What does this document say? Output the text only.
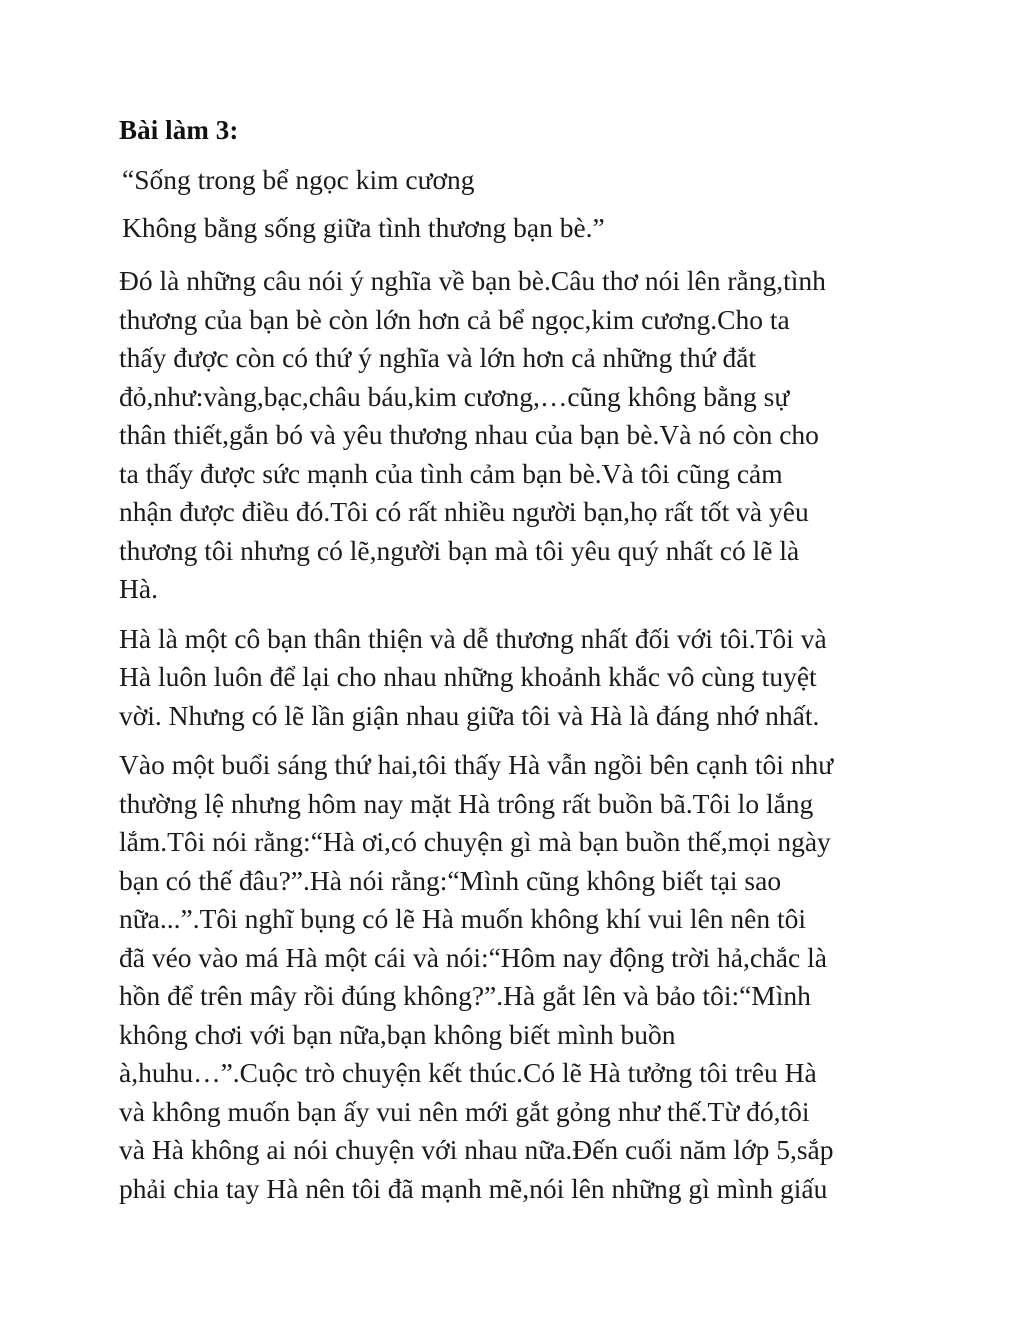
Bài làm 3:
“Sống trong bể ngọc kim cương
Không bằng sống giữa tình thương bạn bè.”
Đó là những câu nói ý nghĩa về bạn bè.Câu thơ nói lên rằng,tình
thương của bạn bè còn lớn hơn cả bể ngọc,kim cương.Cho ta
thấy được còn có thứ ý nghĩa và lớn hơn cả những thứ đắt
đỏ,như:vàng,bạc,châu báu,kim cương,…cũng không bằng sự
thân thiết,gắn bó và yêu thương nhau của bạn bè.Và nó còn cho
ta thấy được sức mạnh của tình cảm bạn bè.Và tôi cũng cảm
nhận được điều đó.Tôi có rất nhiều người bạn,họ rất tốt và yêu
thương tôi nhưng có lẽ,người bạn mà tôi yêu quý nhất có lẽ là
Hà.
Hà là một cô bạn thân thiện và dễ thương nhất đối với tôi.Tôi và
Hà luôn luôn để lại cho nhau những khoảnh khắc vô cùng tuyệt
vời. Nhưng có lẽ lần giận nhau giữa tôi và Hà là đáng nhớ nhất.
Vào một buổi sáng thứ hai,tôi thấy Hà vẫn ngồi bên cạnh tôi như
thường lệ nhưng hôm nay mặt Hà trông rất buồn bã.Tôi lo lắng
lắm.Tôi nói rằng:“Hà ơi,có chuyện gì mà bạn buồn thế,mọi ngày
bạn có thế đâu?”.Hà nói rằng:“Mình cũng không biết tại sao
nữa...”.Tôi nghĩ bụng có lẽ Hà muốn không khí vui lên nên tôi
đã véo vào má Hà một cái và nói:“Hôm nay động trời hả,chắc là
hồn để trên mây rồi đúng không?”.Hà gắt lên và bảo tôi:“Mình
không chơi với bạn nữa,bạn không biết mình buồn
à,huhu…”.Cuộc trò chuyện kết thúc.Có lẽ Hà tưởng tôi trêu Hà
và không muốn bạn ấy vui nên mới gắt gỏng như thế.Từ đó,tôi
và Hà không ai nói chuyện với nhau nữa.Đến cuối năm lớp 5,sắp
phải chia tay Hà nên tôi đã mạnh mẽ,nói lên những gì mình giấu
